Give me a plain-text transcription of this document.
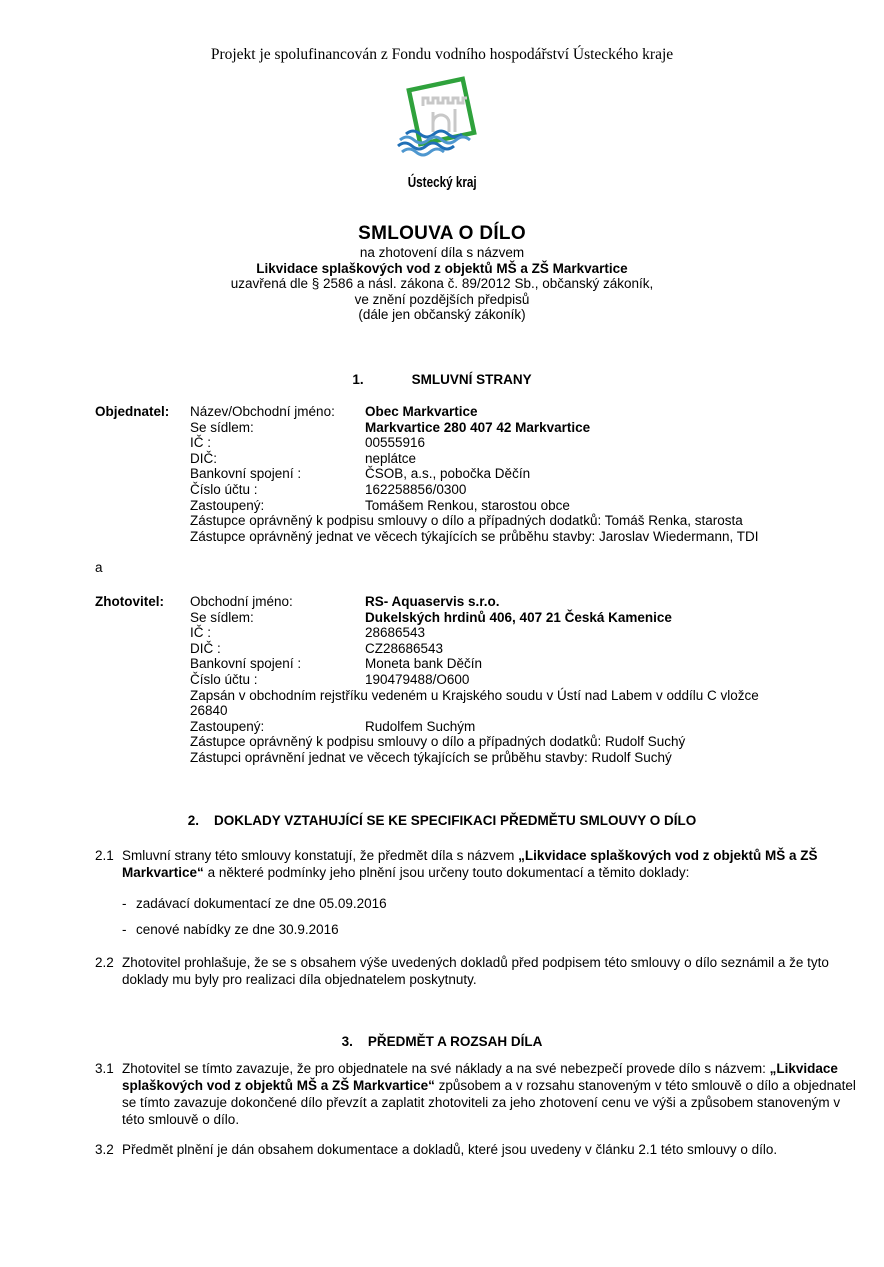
Projekt je spolufinancován z Fondu vodního hospodářství Ústeckého kraje
Ústecký kraj
SMLOUVA O DÍLO
na zhotovení díla s názvem
Likvidace splaškových vod z objektů MŠ a ZŠ Markvartice
uzavřená dle § 2586 a násl. zákona č. 89/2012 Sb., občanský zákoník,
ve znění pozdějších předpisů
(dále jen občanský zákoník)
1.	SMLUVNÍ STRANY
Objednatel:	Název/Obchodní jméno:	Obec Markvartice
Se sídlem:	Markvartice 280 407 42 Markvartice
IČ :	00555916
DIČ:	neplátce
Bankovní spojení :	ČSOB, a.s., pobočka Děčín
Číslo účtu :	162258856/0300
Zastoupený:	Tomášem Renkou, starostou obce
Zástupce oprávněný k podpisu smlouvy o dílo a případných dodatků: Tomáš Renka, starosta
Zástupce oprávněný jednat ve věcech týkajících se průběhu stavby: Jaroslav Wiedermann, TDI
a
Zhotovitel:	Obchodní jméno:	RS- Aquaservis s.r.o.
Se sídlem:	Dukelských hrdinů 406, 407 21 Česká Kamenice
IČ :	28686543
DIČ :	CZ28686543
Bankovní spojení :	Moneta bank Děčín
Číslo účtu :	190479488/O600
Zapsán v obchodním rejstříku vedeném u Krajského soudu v Ústí nad Labem v oddílu C vložce
26840
Zastoupený:	Rudolfem Suchým
Zástupce oprávněný k podpisu smlouvy o dílo a případných dodatků: Rudolf Suchý
Zástupci oprávnění jednat ve věcech týkajících se průběhu stavby: Rudolf Suchý
2. DOKLADY VZTAHUJÍCÍ SE KE SPECIFIKACI PŘEDMĚTU SMLOUVY O DÍLO
2.1 Smluvní strany této smlouvy konstatují, že předmět díla s názvem „Likvidace splaškových vod z objektů MŠ a ZŠ Markvartice“ a některé podmínky jeho plnění jsou určeny touto dokumentací a těmito doklady:
- zadávací dokumentací ze dne 05.09.2016
- cenové nabídky ze dne 30.9.2016
2.2 Zhotovitel prohlašuje, že se s obsahem výše uvedených dokladů před podpisem této smlouvy o dílo seznámil a že tyto doklady mu byly pro realizaci díla objednatelem poskytnuty.
3. PŘEDMĚT A ROZSAH DÍLA
3.1 Zhotovitel se tímto zavazuje, že pro objednatele na své náklady a na své nebezpečí provede dílo s názvem: „Likvidace splaškových vod z objektů MŠ a ZŠ Markvartice“ způsobem a v rozsahu stanoveným v této smlouvě o dílo a objednatel se tímto zavazuje dokončené dílo převzít a zaplatit zhotoviteli za jeho zhotovení cenu ve výši a způsobem stanoveným v této smlouvě o dílo.
3.2 Předmět plnění je dán obsahem dokumentace a dokladů, které jsou uvedeny v článku 2.1 této smlouvy o dílo.
